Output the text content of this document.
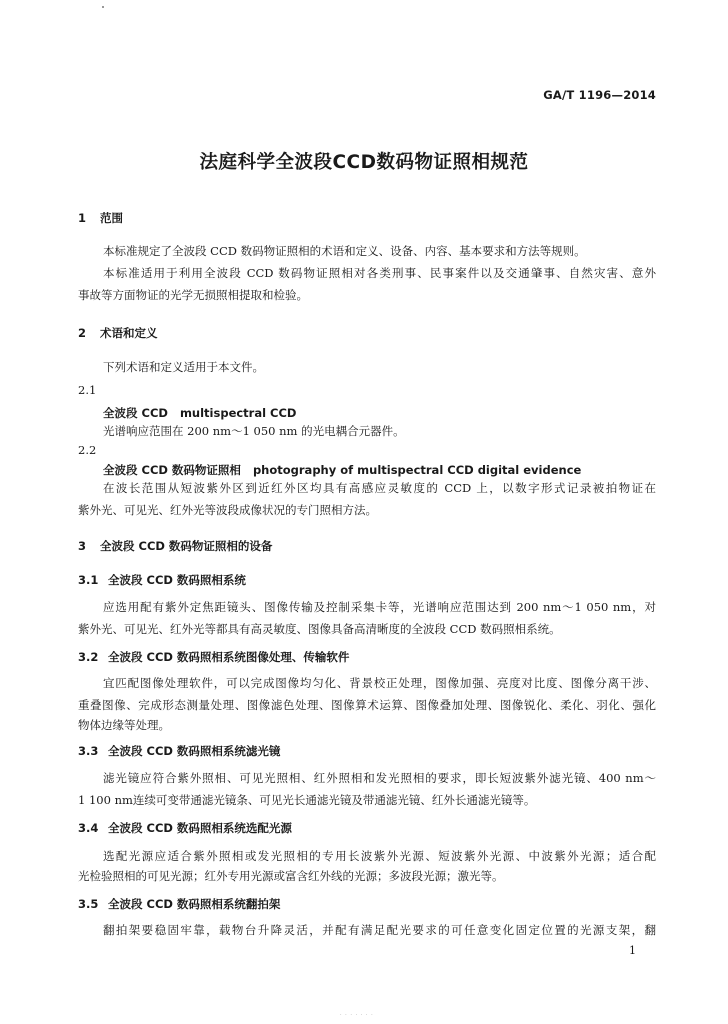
GA/T 1196—2014
法庭科学全波段CCD数码物证照相规范
1 范围
本标准规定了全波段 CCD 数码物证照相的术语和定义、设备、内容、基本要求和方法等规则。
本标准适用于利用全波段 CCD 数码物证照相对各类刑事、民事案件以及交通肇事、自然灾害、意外
事故等方面物证的光学无损照相提取和检验。
2 术语和定义
下列术语和定义适用于本文件。
2.1
全波段 CCD multispectral CCD
光谱响应范围在 200 nm～1 050 nm 的光电耦合元器件。
2.2
全波段 CCD 数码物证照相 photography of multispectral CCD digital evidence
在波长范围从短波紫外区到近红外区均具有高感应灵敏度的 CCD 上，以数字形式记录被拍物证在
紫外光、可见光、红外光等波段成像状况的专门照相方法。
3 全波段 CCD 数码物证照相的设备
3.1 全波段 CCD 数码照相系统
应选用配有紫外定焦距镜头、图像传输及控制采集卡等，光谱响应范围达到 200 nm～1 050 nm，对
紫外光、可见光、红外光等都具有高灵敏度、图像具备高清晰度的全波段 CCD 数码照相系统。
3.2 全波段 CCD 数码照相系统图像处理、传输软件
宜匹配图像处理软件，可以完成图像均匀化、背景校正处理，图像加强、亮度对比度、图像分离干涉、
重叠图像、完成形态测量处理、图像滤色处理、图像算术运算、图像叠加处理、图像锐化、柔化、羽化、强化
物体边缘等处理。
3.3 全波段 CCD 数码照相系统滤光镜
滤光镜应符合紫外照相、可见光照相、红外照相和发光照相的要求，即长短波紫外滤光镜、400 nm～
1 100 nm连续可变带通滤光镜条、可见光长通滤光镜及带通滤光镜、红外长通滤光镜等。
3.4 全波段 CCD 数码照相系统选配光源
选配光源应适合紫外照相或发光照相的专用长波紫外光源、短波紫外光源、中波紫外光源；适合配
光检验照相的可见光源；红外专用光源或富含红外线的光源；多波段光源；激光等。
3.5 全波段 CCD 数码照相系统翻拍架
翻拍架要稳固牢靠，载物台升降灵活，并配有满足配光要求的可任意变化固定位置的光源支架，翻
1
· · · · · · ·
